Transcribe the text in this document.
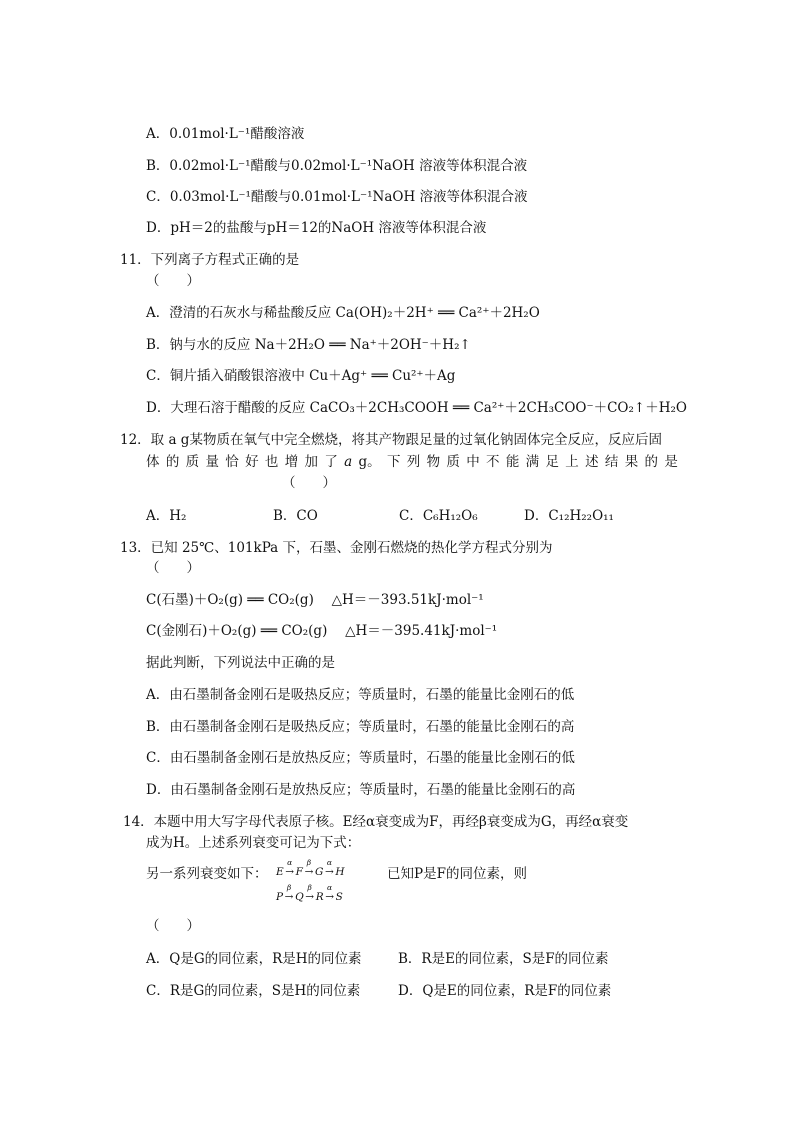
A．0.01mol·L⁻¹醋酸溶液
B．0.02mol·L⁻¹醋酸与0.02mol·L⁻¹NaOH 溶液等体积混合液
C．0.03mol·L⁻¹醋酸与0.01mol·L⁻¹NaOH 溶液等体积混合液
D．pH＝2的盐酸与pH＝12的NaOH 溶液等体积混合液
11．下列离子方程式正确的是
（　　）
A．澄清的石灰水与稀盐酸反应 Ca(OH)₂＋2H⁺ ══ Ca²⁺＋2H₂O
B．钠与水的反应 Na＋2H₂O ══ Na⁺＋2OH⁻＋H₂↑
C．铜片插入硝酸银溶液中 Cu＋Ag⁺ ══ Cu²⁺＋Ag
D．大理石溶于醋酸的反应 CaCO₃＋2CH₃COOH ══ Ca²⁺＋2CH₃COO⁻＋CO₂↑＋H₂O
12．取 a g某物质在氧气中完全燃烧，将其产物跟足量的过氧化钠固体完全反应，反应后固
体 的 质 量 恰 好 也 增 加 了 a g。 下 列 物 质 中 不 能 满 足 上 述 结 果 的 是
（　　）
A．H₂	B．CO	C．C₆H₁₂O₆	D．C₁₂H₂₂O₁₁
13．已知 25℃、101kPa 下，石墨、金刚石燃烧的热化学方程式分别为
（　　）
C(石墨)＋O₂(g) ══ CO₂(g)　 △H＝－393.51kJ·mol⁻¹
C(金刚石)＋O₂(g) ══ CO₂(g)　 △H＝－395.41kJ·mol⁻¹
据此判断，下列说法中正确的是
A．由石墨制备金刚石是吸热反应；等质量时，石墨的能量比金刚石的低
B．由石墨制备金刚石是吸热反应；等质量时，石墨的能量比金刚石的高
C．由石墨制备金刚石是放热反应；等质量时，石墨的能量比金刚石的低
D．由石墨制备金刚石是放热反应；等质量时，石墨的能量比金刚石的高
14．本题中用大写字母代表原子核。E经α衰变成为F，再经β衰变成为G，再经α衰变
成为H。上述系列衰变可记为下式：
另一系列衰变如下： E →
α
F →
β
G →
α
H
P →
β
Q →
β
R →
α
S
已知P是F的同位素，则
（　　）
A．Q是G的同位素，R是H的同位素	B．R是E的同位素，S是F的同位素
C．R是G的同位素，S是H的同位素	D．Q是E的同位素，R是F的同位素
